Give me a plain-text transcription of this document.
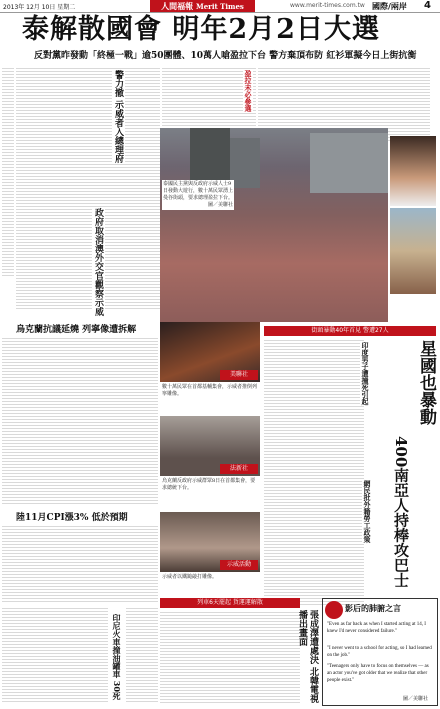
2013年 12月 10日 星期二	www.merit-times.com.tw 國際/兩岸 4
人間福報 Merit Times
泰解散國會 明年2月2日大選
反對黨昨發動「終極一戰」逾50團體、10萬人嗆盈拉下台 警方棄頂布防 紅衫軍擬今日上街抗衡
警力撤 示威者入總理府
政府取消澳外交官觀察示威
盈拉未必參選
泰國民主黨與反政府示威人士9日發動大遊行，數十萬民眾湧上曼谷街頭，要求總理盈拉下台。
圖／美聯社
烏克蘭抗議延燒 列寧像遭拆解
美聯社
數十萬民眾在首都基輔集會，示威者推倒列寧雕像。
法新社
烏克蘭反政府示威群眾8日在首都集會，要求總統下台。
示威活動
示威者以鐵鎚敲打雕像。
陸11月CPI漲3% 低於預期
印尼火車撞油罐車 30死
街頭暴動40年首見 警遭27人
印度男子遭撞死引起
網民批外籍勞工政策
星國也暴動
400南亞人持棒攻巴士
列車6天罷起 貨運運解散
張成澤遭處決 北韓電視播出畫面
影后的肺腑之言
"Even as far back as when I started acting at 14, I knew I'd never considered failure."
"I never went to a school for acting, so I had learned on the job."
"Teenagers only have to focus on themselves — as an actor you've got older that we realize that other people exist."
圖／美聯社
